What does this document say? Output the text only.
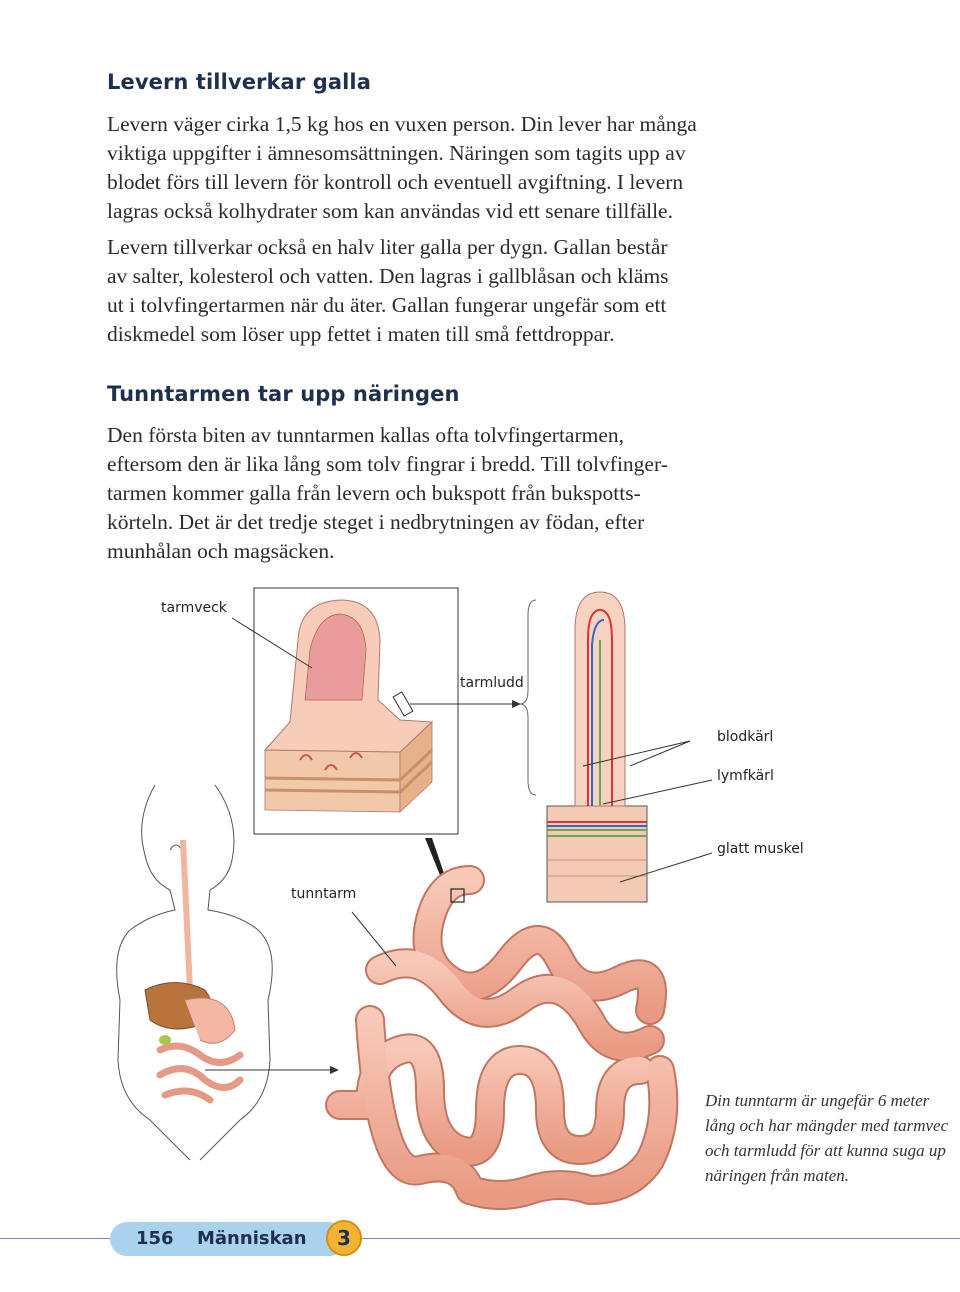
Levern tillverkar galla
Levern väger cirka 1,5 kg hos en vuxen person. Din lever har många
viktiga uppgifter i ämnesomsättningen. Näringen som tagits upp av
blodet förs till levern för kontroll och eventuell avgiftning. I levern
lagras också kolhydrater som kan användas vid ett senare tillfälle.
Levern tillverkar också en halv liter galla per dygn. Gallan består
av salter, kolesterol och vatten. Den lagras i gallblåsan och kläms
ut i tolvfingertarmen när du äter. Gallan fungerar ungefär som ett
diskmedel som löser upp fettet i maten till små fettdroppar.
Tunntarmen tar upp näringen
Den första biten av tunntarmen kallas ofta tolvfingertarmen,
eftersom den är lika lång som tolv fingrar i bredd. Till tolvfinger-
tarmen kommer galla från levern och bukspott från bukspotts-
körteln. Det är det tredje steget i nedbrytningen av födan, efter
munhålan och magsäcken.
tarmveck
tarmludd
blodkärl
lymfkärl
glatt muskel
tunntarm
Din tunntarm är ungefär 6 meter
lång och har mängder med tarmvec
och tarmludd för att kunna suga up
näringen från maten.
156 Människan	3
